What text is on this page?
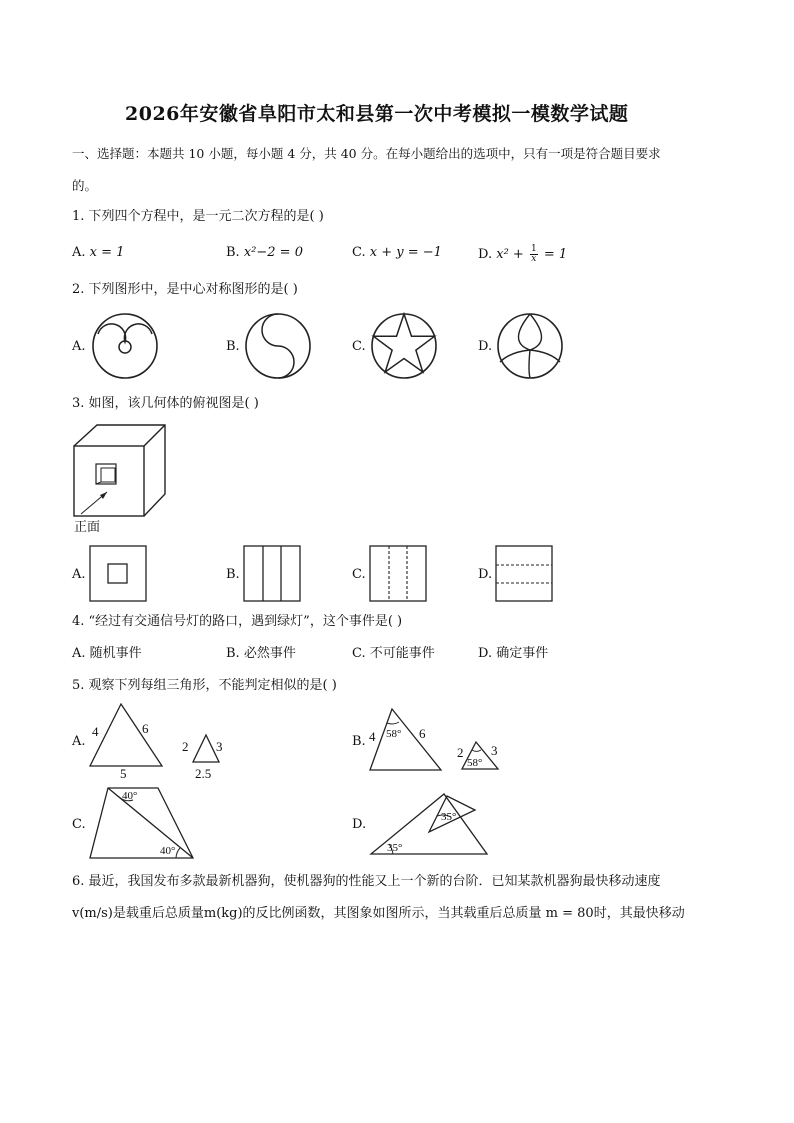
2026年安徽省阜阳市太和县第一次中考模拟一模数学试题
一、选择题：本题共 10 小题，每小题 4 分，共 40 分。在每小题给出的选项中，只有一项是符合题目要求
的。
1. 下列四个方程中，是一元二次方程的是( )
A. x = 1	B. x²−2 = 0	C. x + y = −1	D. $x^2 + \frac{1}{x} = 1$
2. 下列图形中，是中心对称图形的是( )
A.	B.	C.	D.
3. 如图，该几何体的俯视图是( )
正面
A.	B.	C.	D.
4. “经过有交通信号灯的路口，遇到绿灯”，这个事件是( )
A. 随机事件	B. 必然事件	C. 不可能事件	D. 确定事件
5. 观察下列每组三角形，不能判定相似的是( )
A.
4	6
5
2 3
2.5
B. 4	6
58°
2 3
58°
C.
40°
40°
D.
35°
35°
6. 最近，我国发布多款最新机器狗，使机器狗的性能又上一个新的台阶．已知某款机器狗最快移动速度
v(m/s)是载重后总质量m(kg)的反比例函数，其图象如图所示，当其载重后总质量 m = 80时，其最快移动
